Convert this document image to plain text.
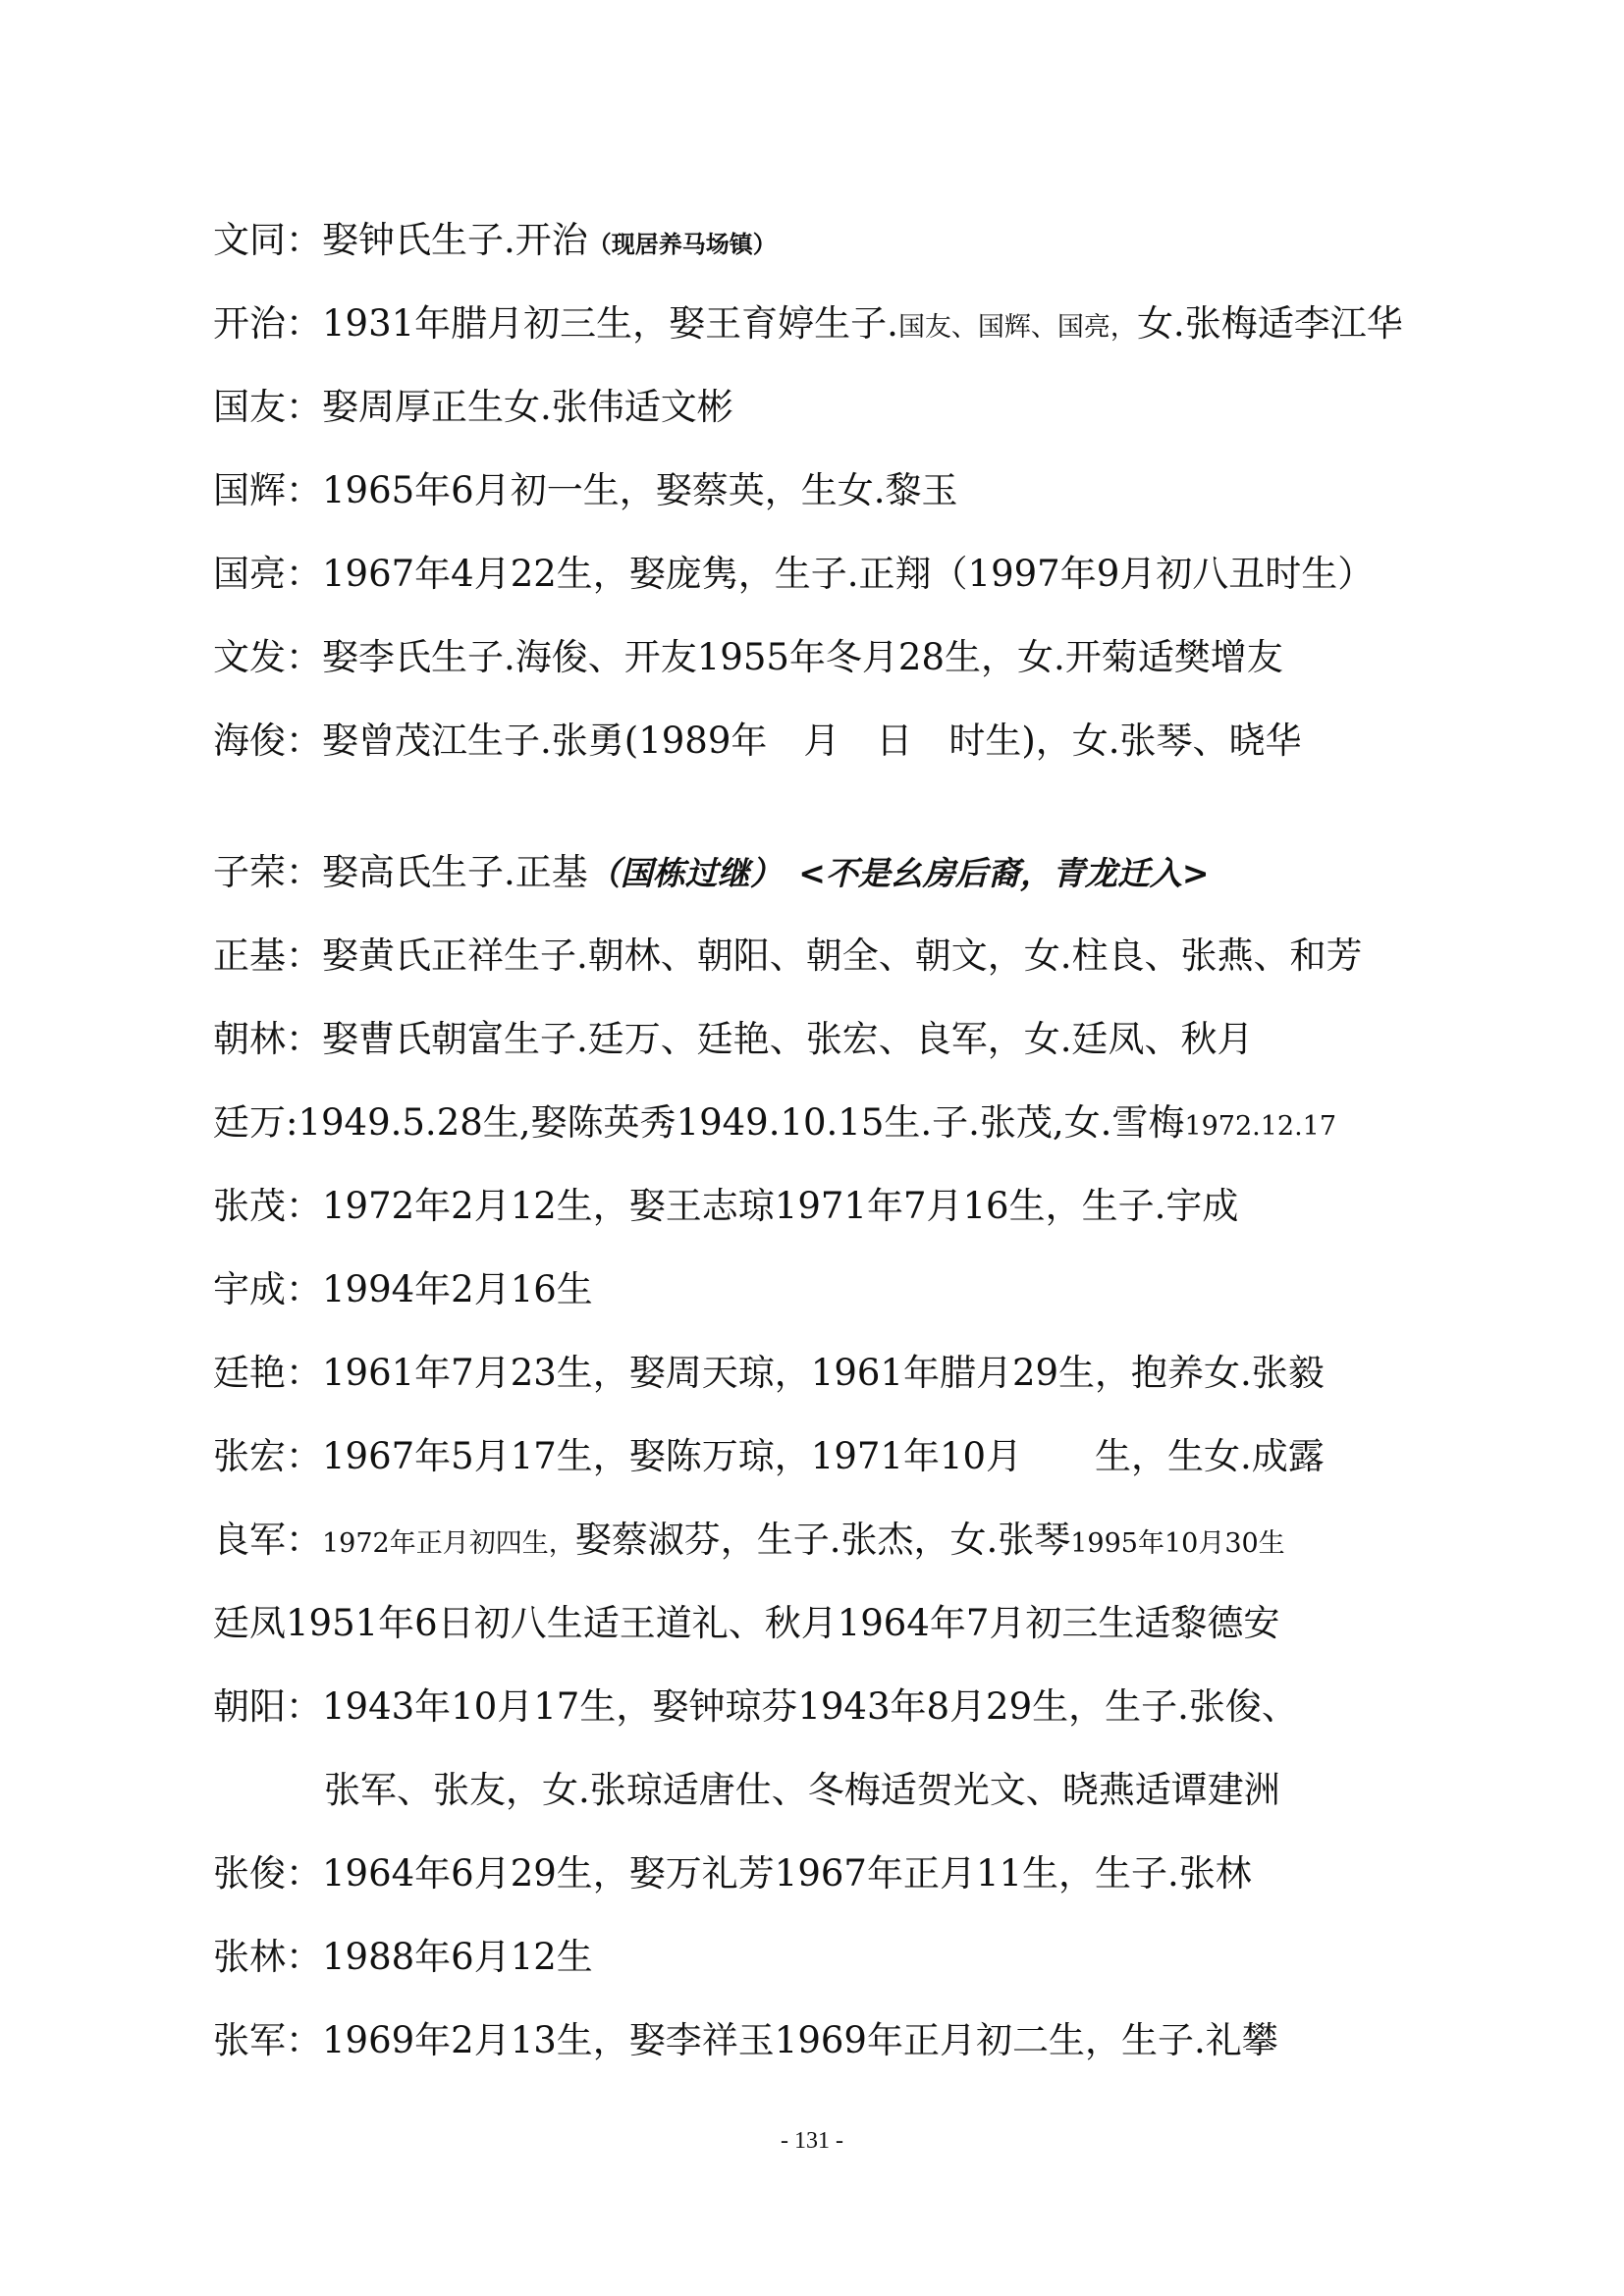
文同：娶钟氏生子.开治（现居养马场镇）
开治：1931年腊月初三生，娶王育婷生子.国友、国辉、国亮，女.张梅适李江华
国友：娶周厚正生女.张伟适文彬
国辉：1965年6月初一生，娶蔡英，生女.黎玉
国亮：1967年4月22生，娶庞隽，生子.正翔（1997年9月初八丑时生）
文发：娶李氏生子.海俊、开友1955年冬月28生，女.开菊适樊增友
海俊：娶曾茂江生子.张勇(1989年　月　日　时生)，女.张琴、晓华
子荣：娶高氏生子.正基（国栋过继）　<不是幺房后裔，青龙迁入>
正基：娶黄氏正祥生子.朝林、朝阳、朝全、朝文，女.柱良、张燕、和芳
朝林：娶曹氏朝富生子.廷万、廷艳、张宏、良军，女.廷凤、秋月
廷万:1949.5.28生,娶陈英秀1949.10.15生.子.张茂,女.雪梅1972.12.17
张茂：1972年2月12生，娶王志琼1971年7月16生，生子.宇成
宇成：1994年2月16生
廷艳：1961年7月23生，娶周天琼，1961年腊月29生，抱养女.张毅
张宏：1967年5月17生，娶陈万琼，1971年10月　　生，生女.成露
良军：1972年正月初四生，娶蔡淑芬，生子.张杰，女.张琴1995年10月30生
廷凤1951年6日初八生适王道礼、秋月1964年7月初三生适黎德安
朝阳：1943年10月17生，娶钟琼芬1943年8月29生，生子.张俊、
张军、张友，女.张琼适唐仕、冬梅适贺光文、晓燕适谭建洲
张俊：1964年6月29生，娶万礼芳1967年正月11生，生子.张林
张林：1988年6月12生
张军：1969年2月13生，娶李祥玉1969年正月初二生，生子.礼攀
- 131 -
